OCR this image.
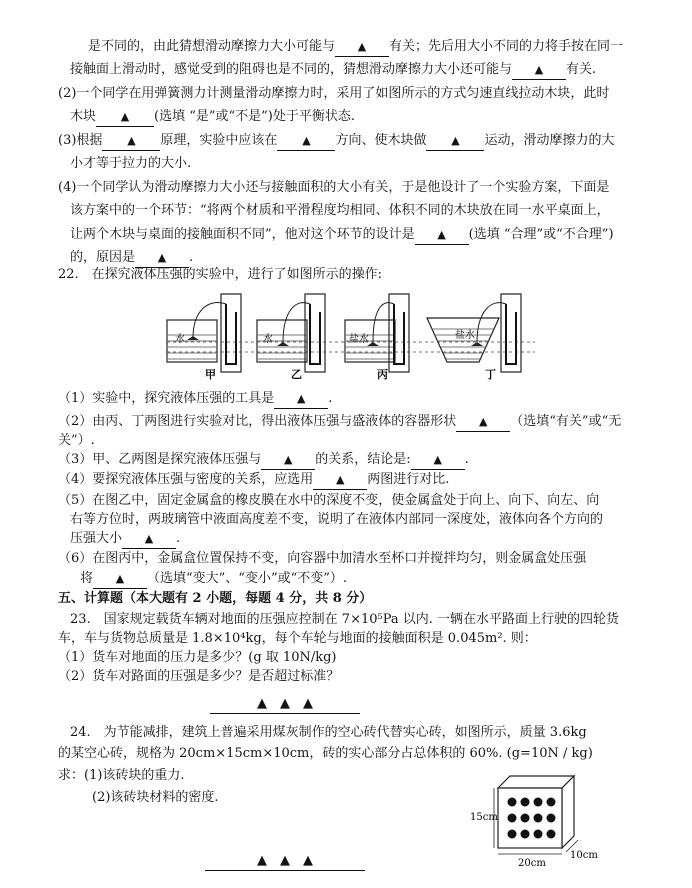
是不同的，由此猜想滑动摩擦力大小可能与 ▲ 有关；先后用大小不同的力将手按在同一
接触面上滑动时，感觉受到的阻碍也是不同的，猜想滑动摩擦力大小还可能与 ▲ 有关.
(2)一个同学在用弹簧测力计测量滑动摩擦力时，采用了如图所示的方式匀速直线拉动木块，此时
木块 ▲ (选填 “是”或“不是”)处于平衡状态.
(3)根据 ▲ 原理，实验中应该在 ▲ 方向、使木块做 ▲ 运动，滑动摩擦力的大
小才等于拉力的大小.
(4)一个同学认为滑动摩擦力大小还与接触面积的大小有关，于是他设计了一个实验方案，下面是
该方案中的一个环节：“将两个材质和平滑程度均相同、体积不同的木块放在同一水平桌面上，
让两个木块与桌面的接触面积不同”，他对这个环节的设计是 ▲ (选填 “合理”或“不合理”)
的，原因是 ▲ .
22.　在探究液体压强的实验中，进行了如图所示的操作:
水
甲
水
乙
盐水
丙
盐水
丁
（1）实验中，探究液体压强的工具是 ▲ .
（2）由丙、丁两图进行实验对比，得出液体压强与盛液体的容器形状 ▲ （选填“有关”或“无
关”）.
（3）甲、乙两图是探究液体压强与 ▲ 的关系，结论是: ▲ .
（4）要探究液体压强与密度的关系，应选用 ▲ 两图进行对比.
（5）在图乙中，固定金属盒的橡皮膜在水中的深度不变，使金属盒处于向上、向下、向左、向
右等方位时，两玻璃管中液面高度差不变，说明了在液体内部同一深度处，液体向各个方向的
压强大小 ▲ .
（6）在图丙中，金属盒位置保持不变，向容器中加清水至杯口并搅拌均匀，则金属盒处压强
将 ▲ （选填“变大”、“变小”或“不变”）.
五、计算题（本大题有 2 小题，每题 4 分，共 8 分）
23.　国家规定载货车辆对地面的压强应控制在 7×10⁵Pa 以内. 一辆在水平路面上行驶的四轮货
车，车与货物总质量是 1.8×10⁴kg，每个车轮与地面的接触面积是 0.045m². 则：
（1）货车对地面的压力是多少？(g 取 10N/kg)
（2）货车对路面的压强是多少？是否超过标准？
▲　▲　▲
24.　为节能减排，建筑上普遍采用煤灰制作的空心砖代替实心砖，如图所示，质量 3.6kg
的某空心砖，规格为 20cm×15cm×10cm，砖的实心部分占总体积的 60%. (g=10N / kg)
求：(1)该砖块的重力.
(2)该砖块材料的密度.
15cm
20cm
10cm
▲　▲　▲
